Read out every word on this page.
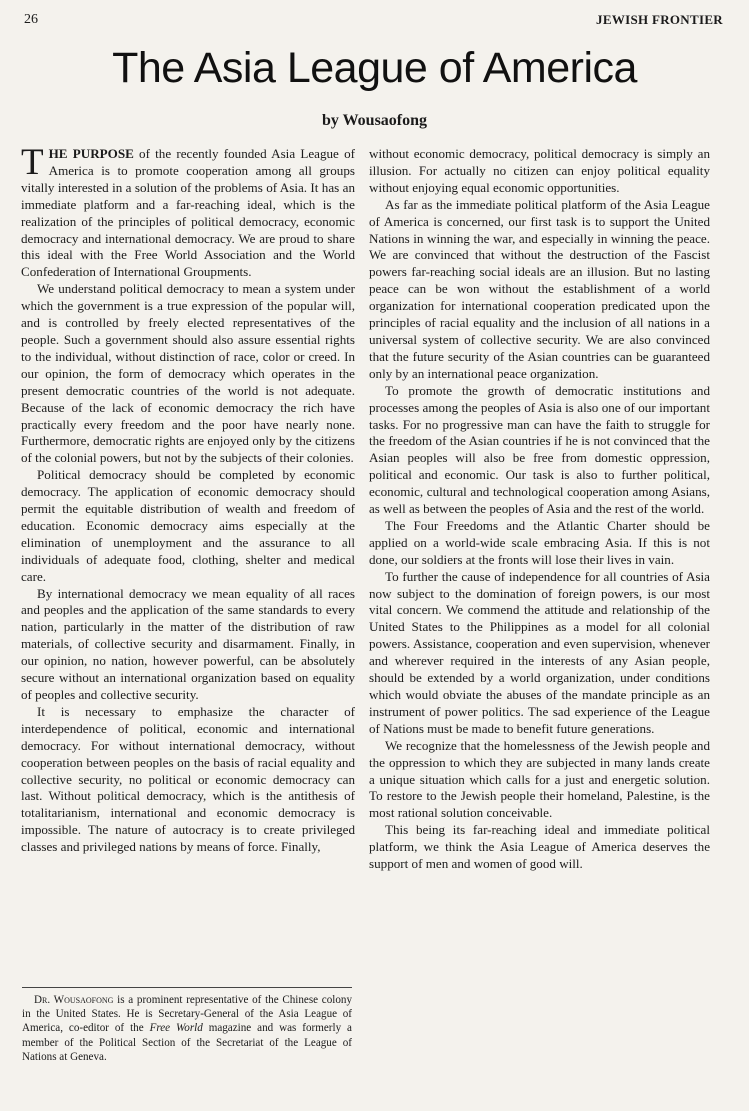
26	JEWISH FRONTIER
The Asia League of America
by Wousaofong

THE PURPOSE of the recently founded Asia League of America is to promote cooperation among all groups vitally interested in a solution of the problems of Asia. It has an immediate platform and a far-reaching ideal, which is the realization of the principles of political democracy, economic democracy and international democracy. We are proud to share this ideal with the Free World Association and the World Confederation of International Groupments.

We understand political democracy to mean a system under which the government is a true expression of the popular will, and is controlled by freely elected representatives of the people. Such a government should also assure essential rights to the individual, without distinction of race, color or creed. In our opinion, the form of democracy which operates in the present democratic countries of the world is not adequate. Because of the lack of economic democracy the rich have practically every freedom and the poor have nearly none. Furthermore, democratic rights are enjoyed only by the citizens of the colonial powers, but not by the subjects of their colonies.

Political democracy should be completed by economic democracy. The application of economic democracy should permit the equitable distribution of wealth and freedom of education. Economic democracy aims especially at the elimination of unemployment and the assurance to all individuals of adequate food, clothing, shelter and medical care.

By international democracy we mean equality of all races and peoples and the application of the same standards to every nation, particularly in the matter of the distribution of raw materials, of collective security and disarmament. Finally, in our opinion, no nation, however powerful, can be absolutely secure without an international organization based on equality of peoples and collective security.

It is necessary to emphasize the character of interdependence of political, economic and international democracy. For without international democracy, without cooperation between peoples on the basis of racial equality and collective security, no political or economic democracy can last. Without political democracy, which is the antithesis of totalitarianism, international and economic democracy is impossible. The nature of autocracy is to create privileged classes and privileged nations by means of force. Finally,

Dr. Wousaofong is a prominent representative of the Chinese colony in the United States. He is Secretary-General of the Asia League of America, co-editor of the Free World magazine and was formerly a member of the Political Section of the Secretariat of the League of Nations at Geneva.

without economic democracy, political democracy is simply an illusion. For actually no citizen can enjoy political equality without enjoying equal economic opportunities.

As far as the immediate political platform of the Asia League of America is concerned, our first task is to support the United Nations in winning the war, and especially in winning the peace. We are convinced that without the destruction of the Fascist powers far-reaching social ideals are an illusion. But no lasting peace can be won without the establishment of a world organization for international cooperation predicated upon the principles of racial equality and the inclusion of all nations in a universal system of collective security. We are also convinced that the future security of the Asian countries can be guaranteed only by an international peace organization.

To promote the growth of democratic institutions and processes among the peoples of Asia is also one of our important tasks. For no progressive man can have the faith to struggle for the freedom of the Asian countries if he is not convinced that the Asian peoples will also be free from domestic oppression, political and economic. Our task is also to further political, economic, cultural and technological cooperation among Asians, as well as between the peoples of Asia and the rest of the world.

The Four Freedoms and the Atlantic Charter should be applied on a world-wide scale embracing Asia. If this is not done, our soldiers at the fronts will lose their lives in vain.

To further the cause of independence for all countries of Asia now subject to the domination of foreign powers, is our most vital concern. We commend the attitude and relationship of the United States to the Philippines as a model for all colonial powers. Assistance, cooperation and even supervision, whenever and wherever required in the interests of any Asian people, should be extended by a world organization, under conditions which would obviate the abuses of the mandate principle as an instrument of power politics. The sad experience of the League of Nations must be made to benefit future generations.

We recognize that the homelessness of the Jewish people and the oppression to which they are subjected in many lands create a unique situation which calls for a just and energetic solution. To restore to the Jewish people their homeland, Palestine, is the most rational solution conceivable.

This being its far-reaching ideal and immediate political platform, we think the Asia League of America deserves the support of men and women of good will.
